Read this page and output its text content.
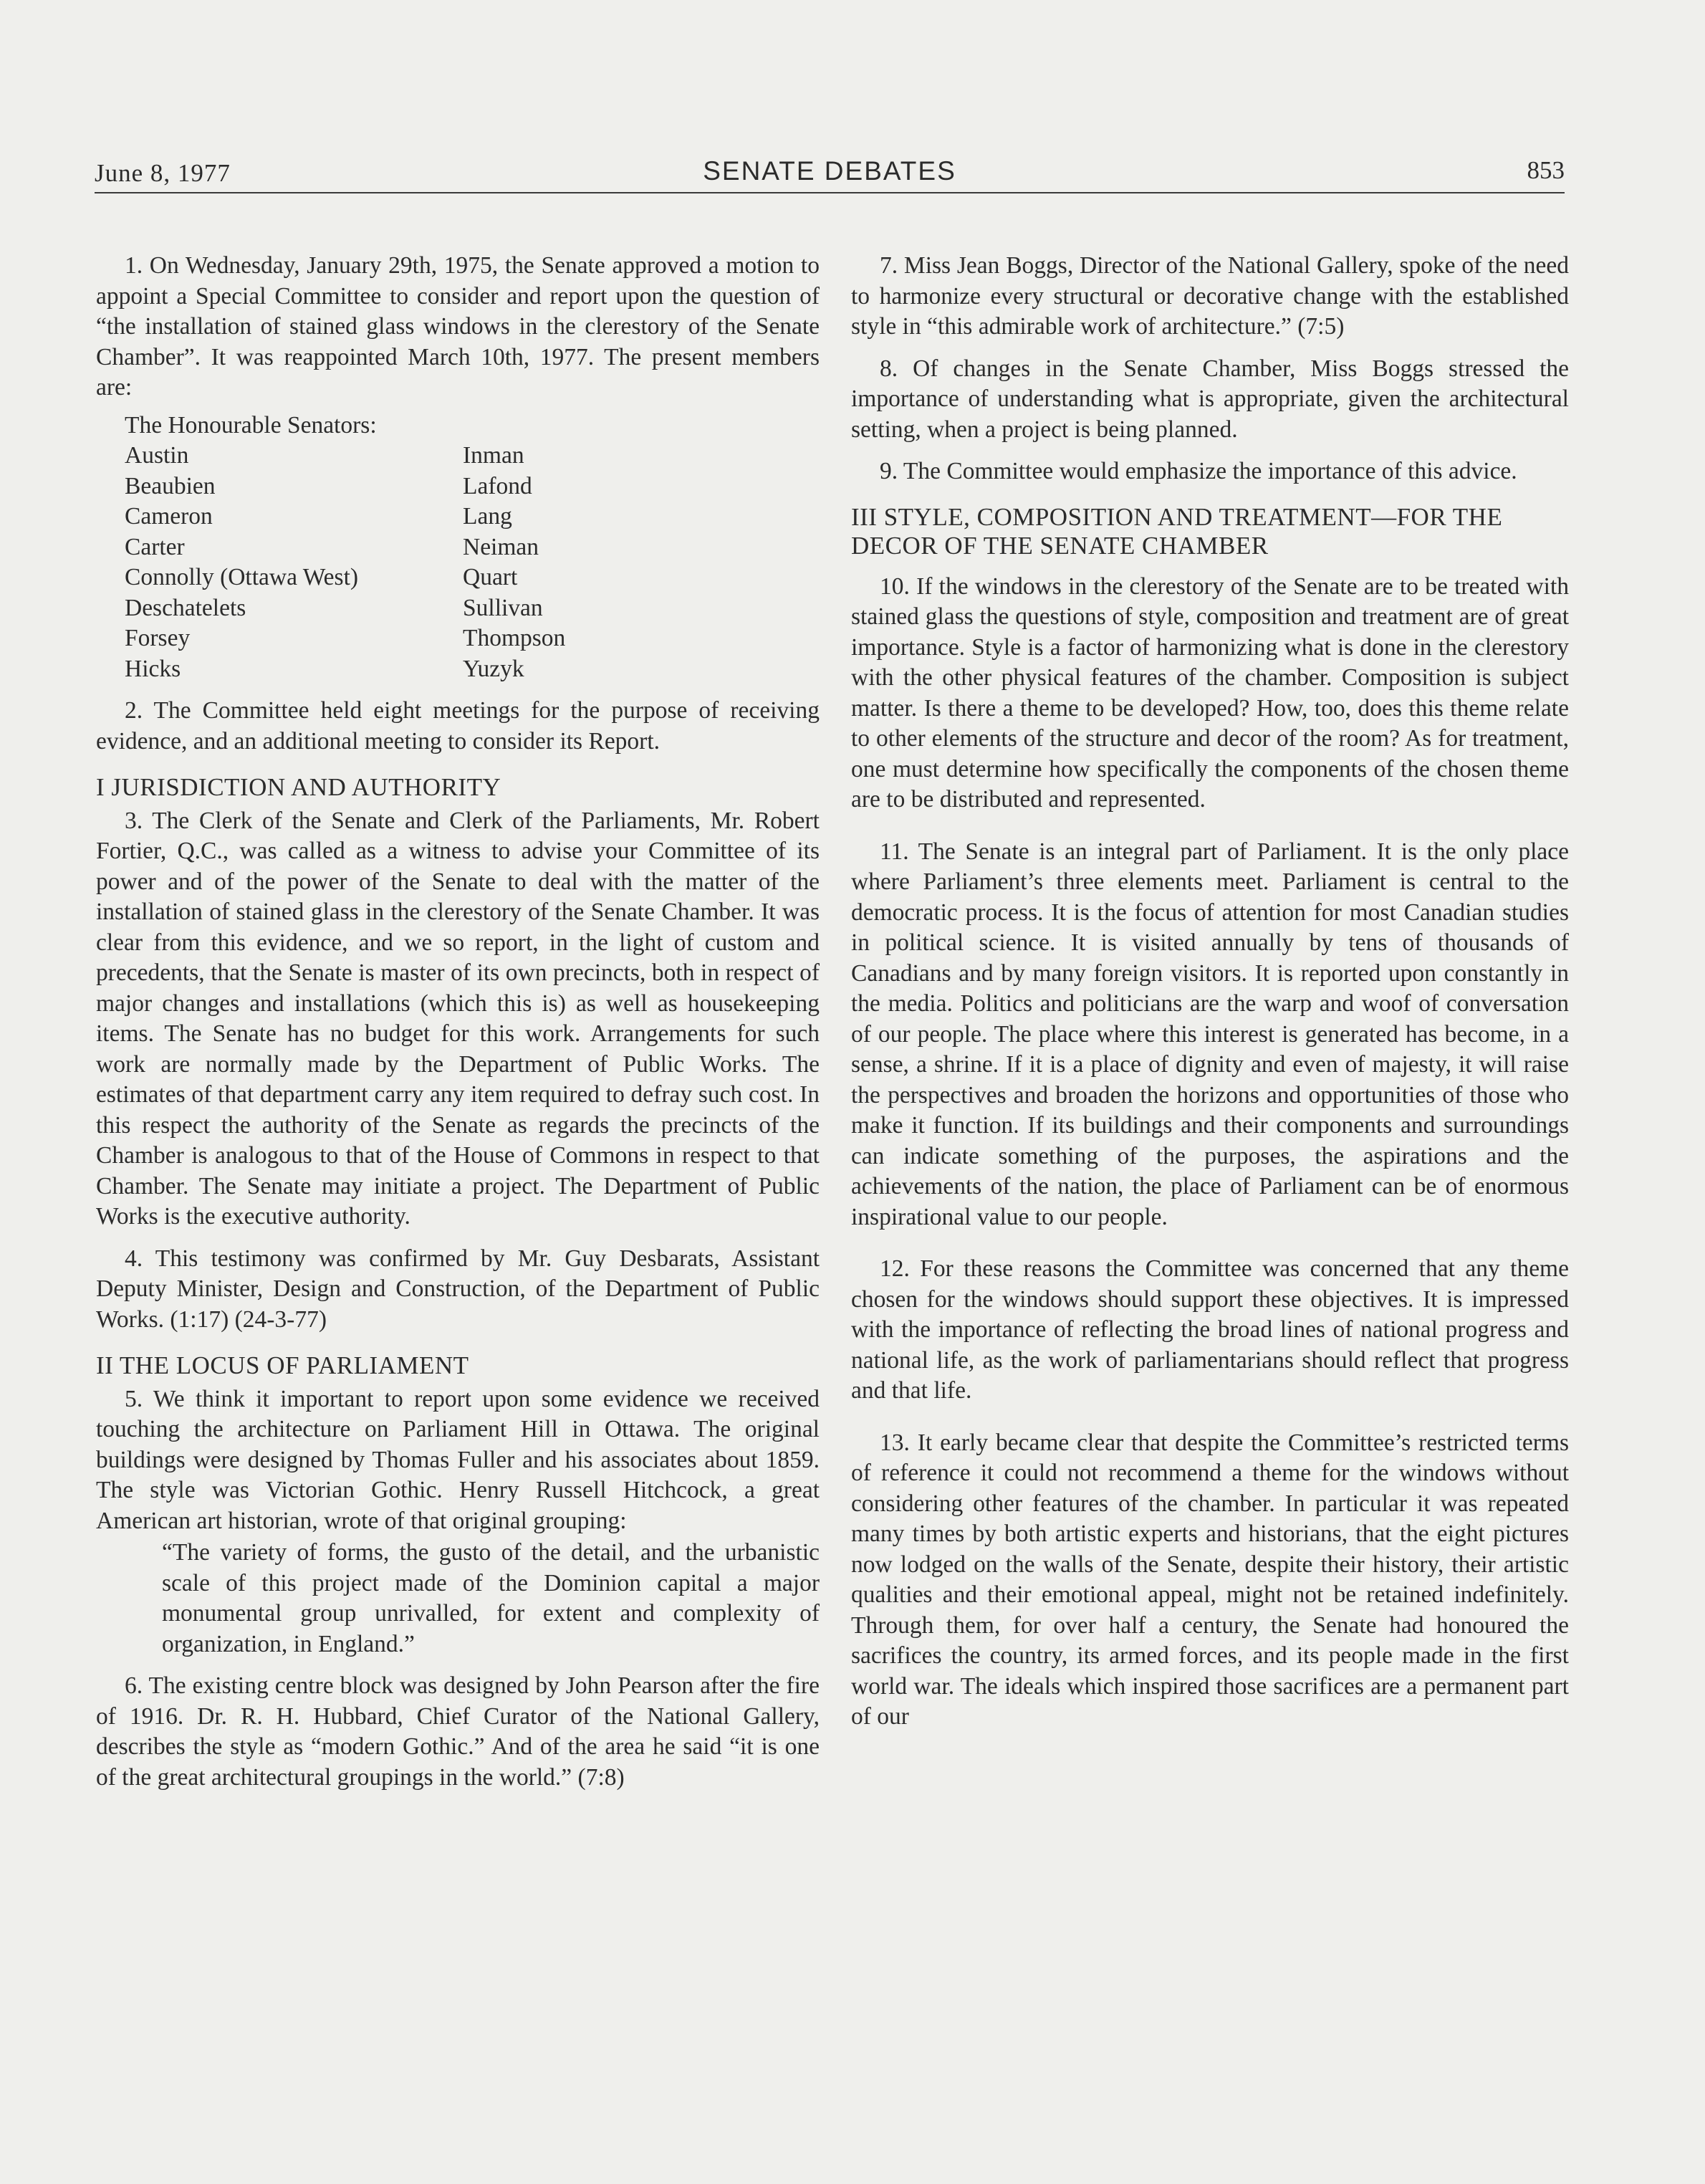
June 8, 1977	SENATE DEBATES	853

1. On Wednesday, January 29th, 1975, the Senate approved a motion to appoint a Special Committee to consider and report upon the question of “the installation of stained glass windows in the clerestory of the Senate Chamber”. It was reappointed March 10th, 1977. The present members are:

The Honourable Senators:

Austin	Inman
Beaubien	Lafond
Cameron	Lang
Carter	Neiman
Connolly (Ottawa West)	Quart
Deschatelets	Sullivan
Forsey	Thompson
Hicks	Yuzyk

2. The Committee held eight meetings for the purpose of receiving evidence, and an additional meeting to consider its Report.

I JURISDICTION AND AUTHORITY

3. The Clerk of the Senate and Clerk of the Parliaments, Mr. Robert Fortier, Q.C., was called as a witness to advise your Committee of its power and of the power of the Senate to deal with the matter of the installation of stained glass in the clerestory of the Senate Chamber. It was clear from this evidence, and we so report, in the light of custom and precedents, that the Senate is master of its own precincts, both in respect of major changes and installations (which this is) as well as housekeeping items. The Senate has no budget for this work. Arrangements for such work are normally made by the Department of Public Works. The estimates of that department carry any item required to defray such cost. In this respect the authority of the Senate as regards the precincts of the Chamber is analogous to that of the House of Commons in respect to that Chamber. The Senate may initiate a project. The Department of Public Works is the executive authority.

4. This testimony was confirmed by Mr. Guy Desbarats, Assistant Deputy Minister, Design and Construction, of the Department of Public Works. (1:17) (24-3-77)

II THE LOCUS OF PARLIAMENT

5. We think it important to report upon some evidence we received touching the architecture on Parliament Hill in Ottawa. The original buildings were designed by Thomas Fuller and his associates about 1859. The style was Victorian Gothic. Henry Russell Hitchcock, a great American art historian, wrote of that original grouping:

“The variety of forms, the gusto of the detail, and the urbanistic scale of this project made of the Dominion capital a major monumental group unrivalled, for extent and complexity of organization, in England.”

6. The existing centre block was designed by John Pearson after the fire of 1916. Dr. R. H. Hubbard, Chief Curator of the National Gallery, describes the style as “modern Gothic.” And of the area he said “it is one of the great architectural groupings in the world.” (7:8)

7. Miss Jean Boggs, Director of the National Gallery, spoke of the need to harmonize every structural or decorative change with the established style in “this admirable work of architecture.” (7:5)

8. Of changes in the Senate Chamber, Miss Boggs stressed the importance of understanding what is appropriate, given the architectural setting, when a project is being planned.

9. The Committee would emphasize the importance of this advice.

III STYLE, COMPOSITION AND TREATMENT—FOR THE DECOR OF THE SENATE CHAMBER

10. If the windows in the clerestory of the Senate are to be treated with stained glass the questions of style, composition and treatment are of great importance. Style is a factor of harmonizing what is done in the clerestory with the other physical features of the chamber. Composition is subject matter. Is there a theme to be developed? How, too, does this theme relate to other elements of the structure and decor of the room? As for treatment, one must determine how specifically the components of the chosen theme are to be distributed and represented.

11. The Senate is an integral part of Parliament. It is the only place where Parliament’s three elements meet. Parliament is central to the democratic process. It is the focus of attention for most Canadian studies in political science. It is visited annually by tens of thousands of Canadians and by many foreign visitors. It is reported upon constantly in the media. Politics and politicians are the warp and woof of conversation of our people. The place where this interest is generated has become, in a sense, a shrine. If it is a place of dignity and even of majesty, it will raise the perspectives and broaden the horizons and opportunities of those who make it function. If its buildings and their components and surroundings can indicate something of the purposes, the aspirations and the achievements of the nation, the place of Parliament can be of enormous inspirational value to our people.

12. For these reasons the Committee was concerned that any theme chosen for the windows should support these objectives. It is impressed with the importance of reflecting the broad lines of national progress and national life, as the work of parliamentarians should reflect that progress and that life.

13. It early became clear that despite the Committee’s restricted terms of reference it could not recommend a theme for the windows without considering other features of the chamber. In particular it was repeated many times by both artistic experts and historians, that the eight pictures now lodged on the walls of the Senate, despite their history, their artistic qualities and their emotional appeal, might not be retained indefinitely. Through them, for over half a century, the Senate had honoured the sacrifices the country, its armed forces, and its people made in the first world war. The ideals which inspired those sacrifices are a permanent part of our
